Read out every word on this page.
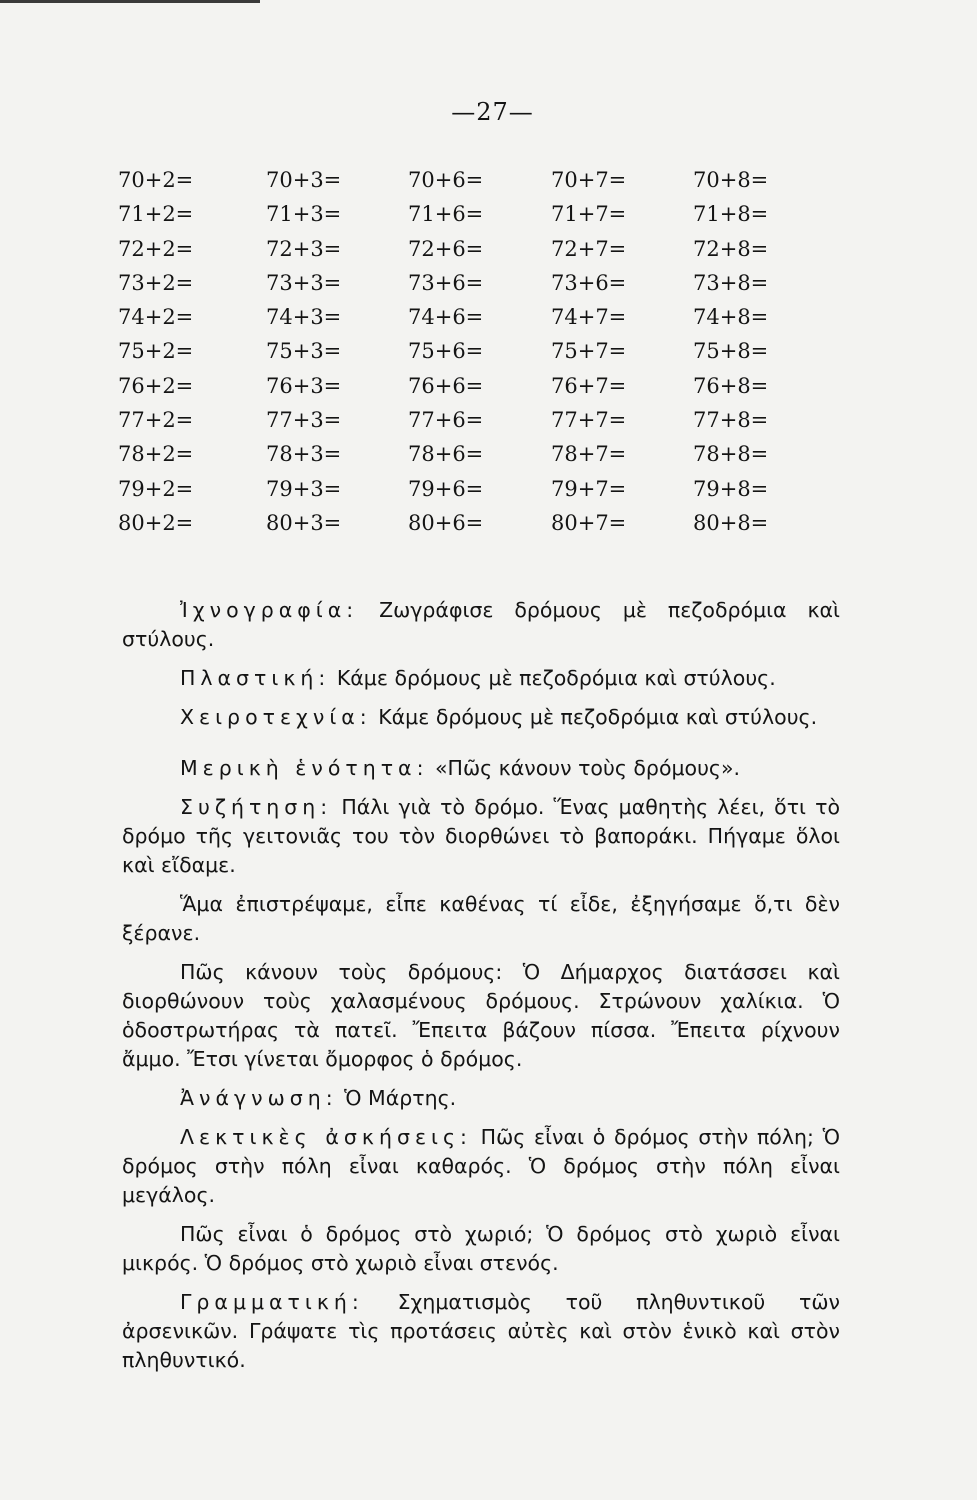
—27—
70+2=	70+3=	70+6=	70+7=	70+8=
71+2=	71+3=	71+6=	71+7=	71+8=
72+2=	72+3=	72+6=	72+7=	72+8=
73+2=	73+3=	73+6=	73+6=	73+8=
74+2=	74+3=	74+6=	74+7=	74+8=
75+2=	75+3=	75+6=	75+7=	75+8=
76+2=	76+3=	76+6=	76+7=	76+8=
77+2=	77+3=	77+6=	77+7=	77+8=
78+2=	78+3=	78+6=	78+7=	78+8=
79+2=	79+3=	79+6=	79+7=	79+8=
80+2=	80+3=	80+6=	80+7=	80+8=

Ἰχνογραφία: Ζωγράφισε δρόμους μὲ πεζοδρόμια καὶ στύλους.

Πλαστική: Κάμε δρόμους μὲ πεζοδρόμια καὶ στύλους.

Χειροτεχνία: Κάμε δρόμους μὲ πεζοδρόμια καὶ στύλους.

Μερικὴ ἑνότητα: «Πῶς κάνουν τοὺς δρόμους».

Συζήτηση: Πάλι γιὰ τὸ δρόμο. Ἕνας μαθητὴς λέει, ὅτι τὸ δρόμο τῆς γειτονιᾶς του τὸν διορθώνει τὸ βαποράκι. Πήγαμε ὅλοι καὶ εἴδαμε.

Ἅμα ἐπιστρέψαμε, εἶπε καθένας τί εἶδε, ἐξηγήσαμε ὅ,τι δὲν ξέρανε.

Πῶς κάνουν τοὺς δρόμους: Ὁ Δήμαρχος διατάσσει καὶ διορθώνουν τοὺς χαλασμένους δρόμους. Στρώνουν χαλίκια. Ὁ ὁδοστρωτήρας τὰ πατεῖ. Ἔπειτα βάζουν πίσσα. Ἔπειτα ρίχνουν ἄμμο. Ἔτσι γίνεται ὄμορφος ὁ δρόμος.

Ἀνάγνωση: Ὁ Μάρτης.

Λεκτικὲς ἀσκήσεις: Πῶς εἶναι ὁ δρόμος στὴν πόλη; Ὁ δρόμος στὴν πόλη εἶναι καθαρός. Ὁ δρόμος στὴν πόλη εἶναι μεγάλος.

Πῶς εἶναι ὁ δρόμος στὸ χωριό; Ὁ δρόμος στὸ χωριὸ εἶναι μικρός. Ὁ δρόμος στὸ χωριὸ εἶναι στενός.

Γραμματική: Σχηματισμὸς τοῦ πληθυντικοῦ τῶν ἀρσενικῶν. Γράψατε τὶς προτάσεις αὐτὲς καὶ στὸν ἑνικὸ καὶ στὸν πληθυντικό.
